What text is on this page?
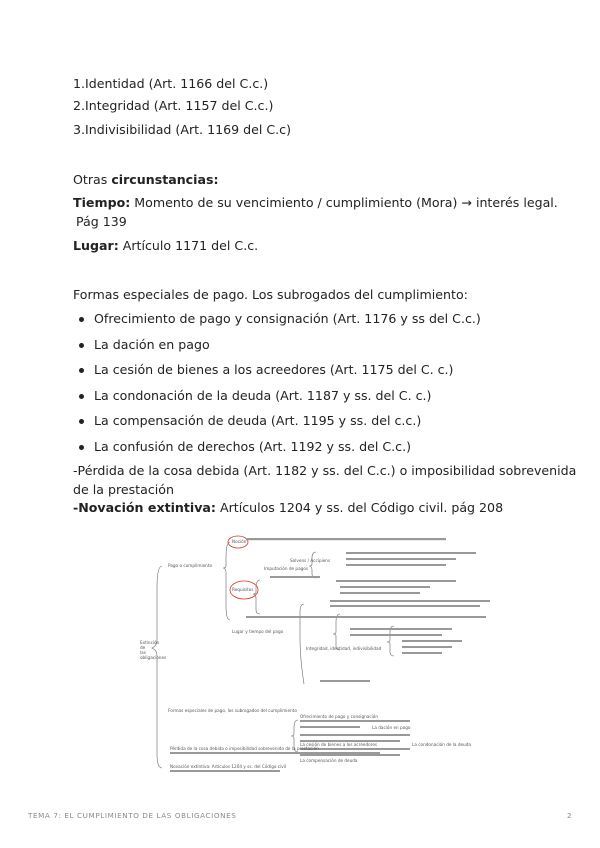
1.Identidad (Art. 1166 del C.c.)
2.Integridad (Art. 1157 del C.c.)
3.Indivisibilidad (Art. 1169 del C.c)
Otras circunstancias:
Tiempo: Momento de su vencimiento / cumplimiento (Mora) → interés legal.
Pág 139
Lugar: Artículo 1171 del C.c.
Formas especiales de pago. Los subrogados del cumplimiento:
Ofrecimiento de pago y consignación (Art. 1176 y ss del C.c.)
La dación en pago
La cesión de bienes a los acreedores (Art. 1175 del C. c.)
La condonación de la deuda (Art. 1187 y ss. del C. c.)
La compensación de deuda (Art. 1195 y ss. del c.c.)
La confusión de derechos (Art. 1192 y ss. del C.c.)
-Pérdida de la cosa debida (Art. 1182 y ss. del C.c.) o imposibilidad sobrevenida
de la prestación
-Novación extintiva: Artículos 1204 y ss. del Código civil. pág 208
Extinción de las obligaciones
Pago o cumplimiento
Noción
Requisitos
Solvens / Accipiens
Integridad, identidad, indivisibilidad
Imputación de pagos
Lugar y tiempo del pago
Formas especiales de pago, los subrogados del cumplimiento
Ofrecimiento de pago y consignación
La dación en pago
La cesión de bienes a los acreedores	La condonación de la deuda
La compensación de deuda
Pérdida de la cosa debida o imposibilidad sobrevenida de la prestación
Novación extintiva: Artículos 1204 y ss. del Código civil
TEMA 7: EL CUMPLIMIENTO DE LAS OBLIGACIONES	2
